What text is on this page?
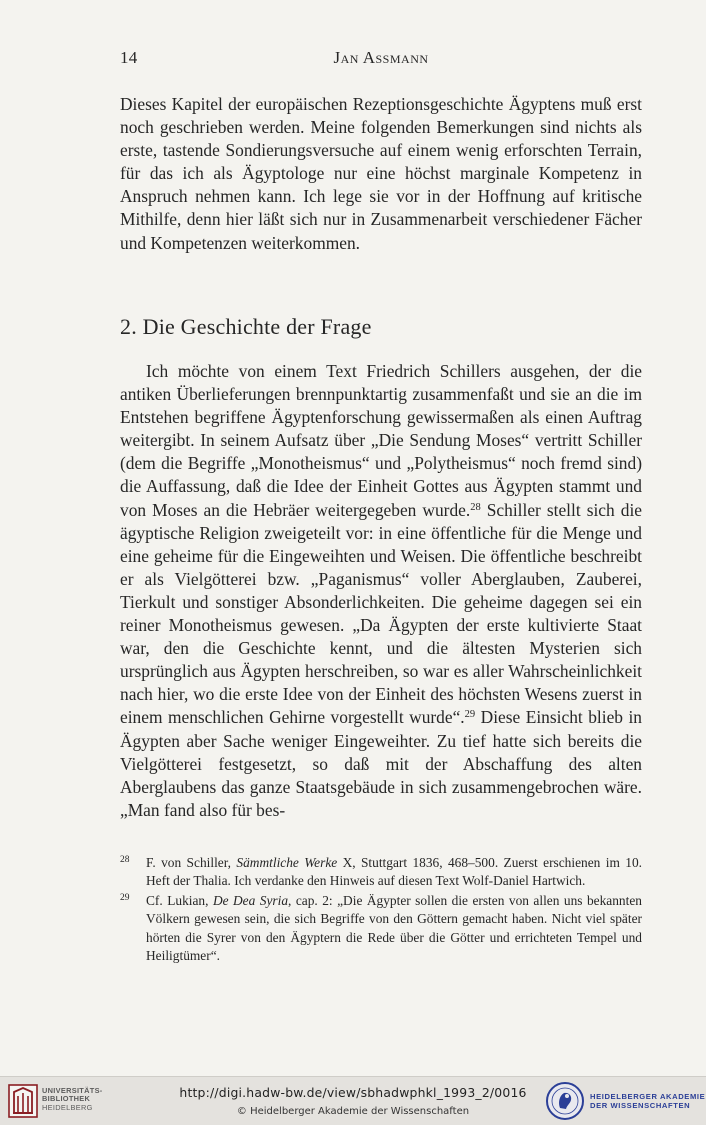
14	Jan Assmann

Dieses Kapitel der europäischen Rezeptionsgeschichte Ägyptens muß erst noch geschrieben werden. Meine folgenden Bemerkungen sind nichts als erste, tastende Sondierungsversuche auf einem wenig erforschten Terrain, für das ich als Ägyptologe nur eine höchst marginale Kompetenz in Anspruch nehmen kann. Ich lege sie vor in der Hoffnung auf kritische Mithilfe, denn hier läßt sich nur in Zusammenarbeit verschiedener Fächer und Kompetenzen weiterkommen.

2. Die Geschichte der Frage

Ich möchte von einem Text Friedrich Schillers ausgehen, der die antiken Überlieferungen brennpunktartig zusammenfaßt und sie an die im Entstehen begriffene Ägyptenforschung gewissermaßen als einen Auftrag weitergibt. In seinem Aufsatz über „Die Sendung Moses“ vertritt Schiller (dem die Begriffe „Monotheismus“ und „Polytheismus“ noch fremd sind) die Auffassung, daß die Idee der Einheit Gottes aus Ägypten stammt und von Moses an die Hebräer weitergegeben wurde.$^{28}$ Schiller stellt sich die ägyptische Religion zweigeteilt vor: in eine öffentliche für die Menge und eine geheime für die Eingeweihten und Weisen. Die öffentliche beschreibt er als Vielgötterei bzw. „Paganismus“ voller Aberglauben, Zauberei, Tierkult und sonstiger Absonderlichkeiten. Die geheime dagegen sei ein reiner Monotheismus gewesen. „Da Ägypten der erste kultivierte Staat war, den die Geschichte kennt, und die ältesten Mysterien sich ursprünglich aus Ägypten herschreiben, so war es aller Wahrscheinlichkeit nach hier, wo die erste Idee von der Einheit des höchsten Wesens zuerst in einem menschlichen Gehirne vorgestellt wurde“.$^{29}$ Diese Einsicht blieb in Ägypten aber Sache weniger Eingeweihter. Zu tief hatte sich bereits die Vielgötterei festgesetzt, so daß mit der Abschaffung des alten Aberglaubens das ganze Staatsgebäude in sich zusammengebrochen wäre. „Man fand also für bes-

28 F. von Schiller, Sämmtliche Werke X, Stuttgart 1836, 468–500. Zuerst erschienen im 10. Heft der Thalia. Ich verdanke den Hinweis auf diesen Text Wolf-Daniel Hartwich.
29 Cf. Lukian, De Dea Syria, cap. 2: „Die Ägypter sollen die ersten von allen uns bekannten Völkern gewesen sein, die sich Begriffe von den Göttern gemacht haben. Nicht viel später hörten die Syrer von den Ägyptern die Rede über die Götter und errichteten Tempel und Heiligtümer“.
UNIVERSITÄTS-
BIBLIOTHEK
HEIDELBERG
http://digi.hadw-bw.de/view/sbhadwphkl_1993_2/0016
© Heidelberger Akademie der Wissenschaften
HEIDELBERGER AKADEMIE
DER WISSENSCHAFTEN
